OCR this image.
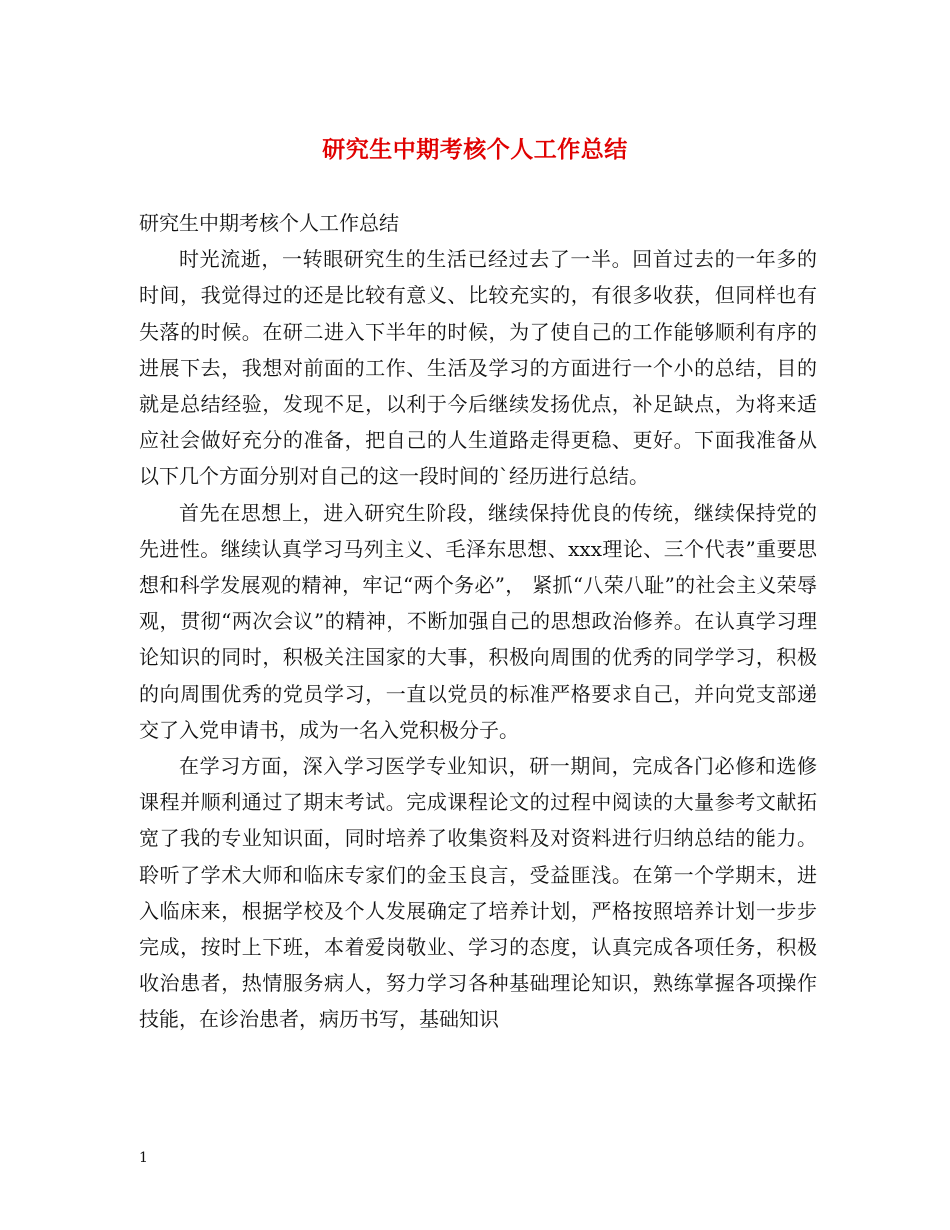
研究生中期考核个人工作总结

研究生中期考核个人工作总结

时光流逝，一转眼研究生的生活已经过去了一半。回首过去的一年多的时间，我觉得过的还是比较有意义、比较充实的，有很多收获，但同样也有失落的时候。在研二进入下半年的时候，为了使自己的工作能够顺利有序的进展下去，我想对前面的工作、生活及学习的方面进行一个小的总结，目的就是总结经验，发现不足，以利于今后继续发扬优点，补足缺点，为将来适应社会做好充分的准备，把自己的人生道路走得更稳、更好。下面我准备从以下几个方面分别对自己的这一段时间的`经历进行总结。

首先在思想上，进入研究生阶段，继续保持优良的传统，继续保持党的先进性。继续认真学习马列主义、毛泽东思想、xxx理论、三个代表”重要思想和科学发展观的精神，牢记“两个务必”， 紧抓“八荣八耻”的社会主义荣辱观，贯彻“两次会议”的精神，不断加强自己的思想政治修养。在认真学习理论知识的同时，积极关注国家的大事，积极向周围的优秀的同学学习，积极的向周围优秀的党员学习，一直以党员的标准严格要求自己，并向党支部递交了入党申请书，成为一名入党积极分子。

在学习方面，深入学习医学专业知识，研一期间，完成各门必修和选修课程并顺利通过了期末考试。完成课程论文的过程中阅读的大量参考文献拓宽了我的专业知识面，同时培养了收集资料及对资料进行归纳总结的能力。聆听了学术大师和临床专家们的金玉良言，受益匪浅。在第一个学期末，进入临床来，根据学校及个人发展确定了培养计划，严格按照培养计划一步步完成，按时上下班，本着爱岗敬业、学习的态度，认真完成各项任务，积极收治患者，热情服务病人，努力学习各种基础理论知识，熟练掌握各项操作技能，在诊治患者，病历书写，基础知识

1
